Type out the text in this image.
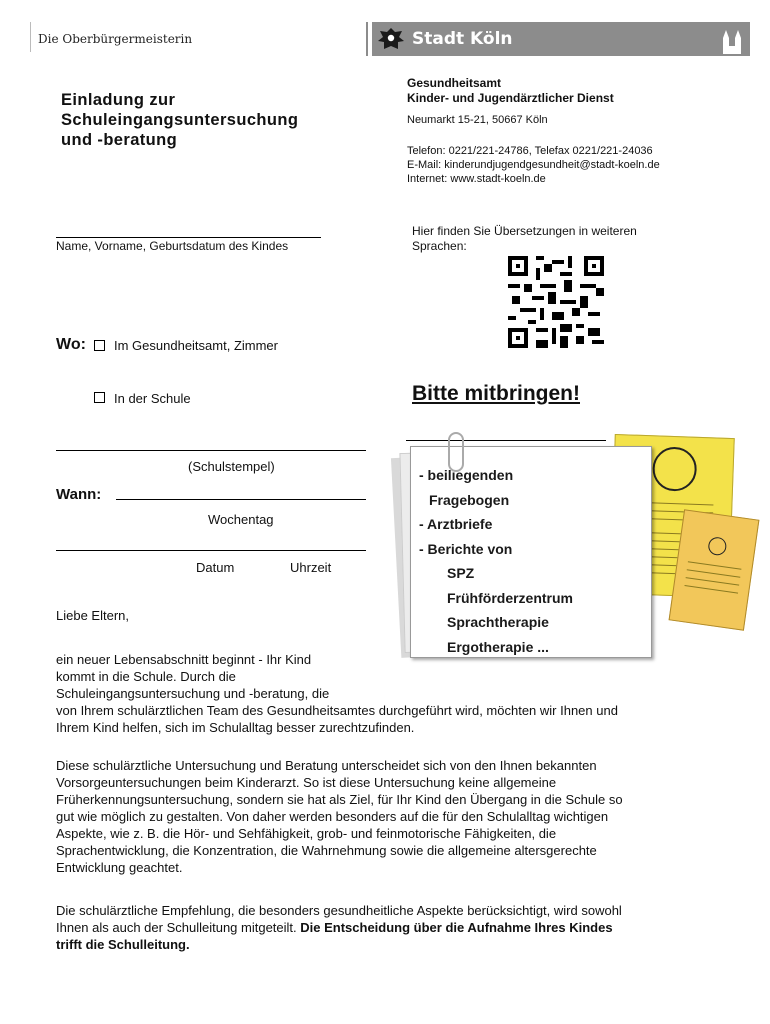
Die Oberbürgermeisterin	Stadt Köln
Einladung zur
Schuleingangsuntersuchung
und -beratung
Gesundheitsamt
Kinder- und Jugendärztlicher Dienst
Neumarkt 15-21, 50667 Köln
Telefon: 0221/221-24786, Telefax 0221/221-24036
E-Mail: kinderundjugendgesundheit@stadt-koeln.de
Internet: www.stadt-koeln.de
Name, Vorname, Geburtsdatum des Kindes
Hier finden Sie Übersetzungen in weiteren
Sprachen:
Wo: Im Gesundheitsamt, Zimmer
In der Schule	Bitte mitbringen!
(Schulstempel)
Wann:
Wochentag
Datum	Uhrzeit
- beiliegenden
Fragebogen
- Arztbriefe
- Berichte von
SPZ
Frühförderzentrum
Sprachtherapie
Ergotherapie ...
Liebe Eltern,
ein neuer Lebensabschnitt beginnt - Ihr Kind
kommt in die Schule. Durch die
Schuleingangsuntersuchung und -beratung, die
von Ihrem schulärztlichen Team des Gesundheitsamtes durchgeführt wird, möchten wir Ihnen und
Ihrem Kind helfen, sich im Schulalltag besser zurechtzufinden.
Diese schulärztliche Untersuchung und Beratung unterscheidet sich von den Ihnen bekannten
Vorsorgeuntersuchungen beim Kinderarzt. So ist diese Untersuchung keine allgemeine
Früherkennungsuntersuchung, sondern sie hat als Ziel, für Ihr Kind den Übergang in die Schule so
gut wie möglich zu gestalten. Von daher werden besonders auf die für den Schulalltag wichtigen
Aspekte, wie z. B. die Hör- und Sehfähigkeit, grob- und feinmotorische Fähigkeiten, die
Sprachentwicklung, die Konzentration, die Wahrnehmung sowie die allgemeine altersgerechte
Entwicklung geachtet.
Die schulärztliche Empfehlung, die besonders gesundheitliche Aspekte berücksichtigt, wird sowohl
Ihnen als auch der Schulleitung mitgeteilt. Die Entscheidung über die Aufnahme Ihres Kindes
trifft die Schulleitung.
